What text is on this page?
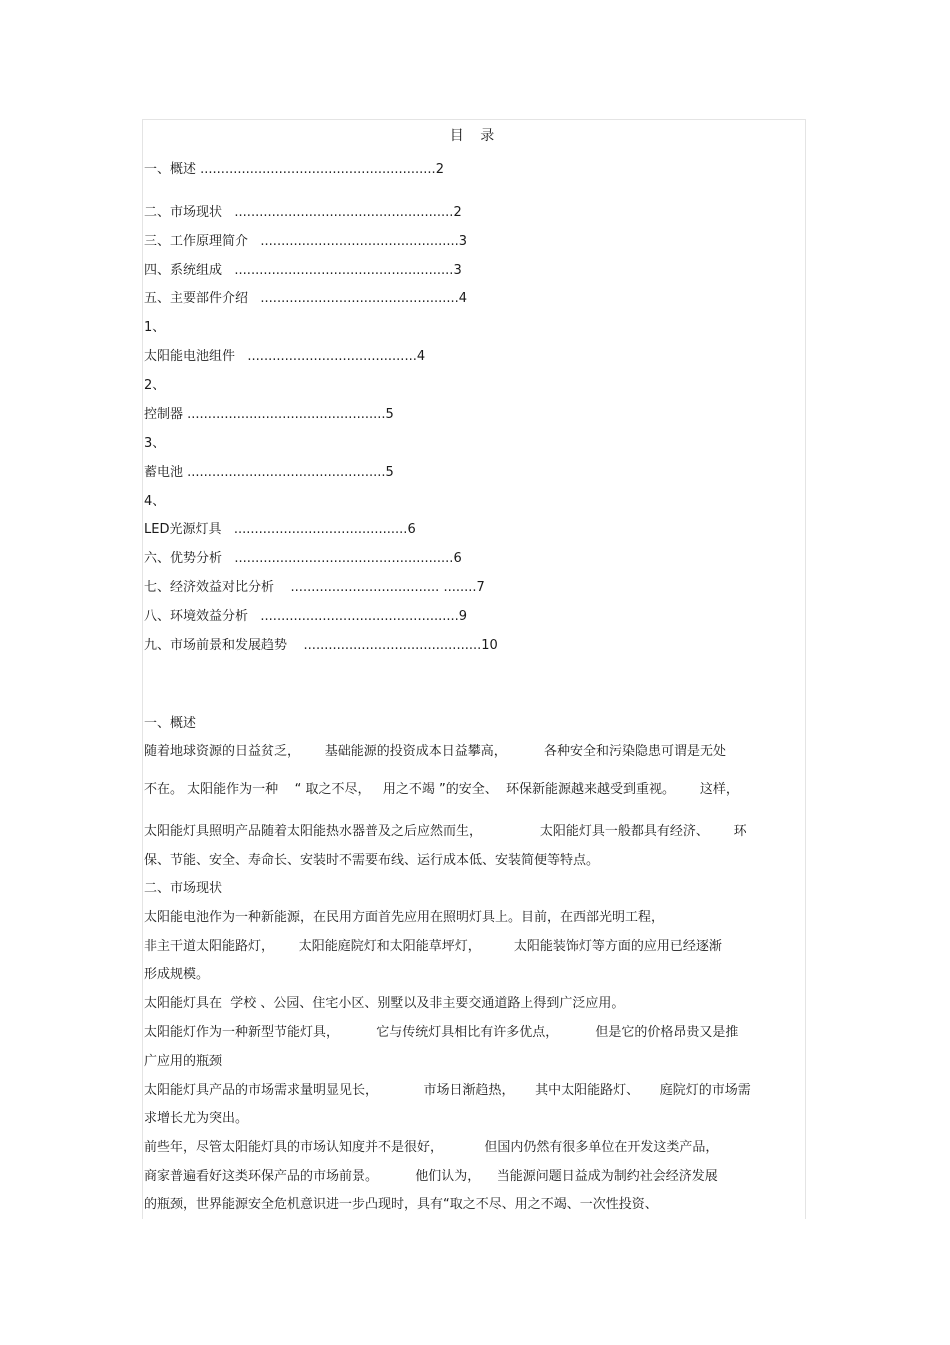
目 录
一、概述 .........................................................2
二、市场现状   .....................................................2
三、工作原理简介   ................................................3
四、系统组成   .....................................................3
五、主要部件介绍   ................................................4
1、
太阳能电池组件   .........................................4
2、
控制器 ................................................5
3、
蓄电池 ................................................5
4、
LED光源灯具   ..........................................6
六、优势分析   .....................................................6
七、经济效益对比分析    .................................... ........7
八、环境效益分析   ................................................9
九、市场前景和发展趋势    ...........................................10
一、概述
随着地球资源的日益贫乏，      基础能源的投资成本日益攀高，         各种安全和污染隐患可谓是无处
不在。 太阳能作为一种    “ 取之不尽，   用之不竭 ”的安全、  环保新能源越来越受到重视。      这样，
太阳能灯具照明产品随着太阳能热水器普及之后应然而生，              太阳能灯具一般都具有经济、      环
保、节能、安全、寿命长、安装时不需要布线、运行成本低、安装简便等特点。
二、市场现状
太阳能电池作为一种新能源，在民用方面首先应用在照明灯具上。目前，在西部光明工程，
非主干道太阳能路灯，      太阳能庭院灯和太阳能草坪灯，        太阳能装饰灯等方面的应用已经逐渐
形成规模。
太阳能灯具在  学校 、公园、住宅小区、别墅以及非主要交通道路上得到广泛应用。
太阳能灯作为一种新型节能灯具，         它与传统灯具相比有许多优点，         但是它的价格昂贵又是推
广应用的瓶颈
太阳能灯具产品的市场需求量明显见长，           市场日渐趋热，     其中太阳能路灯、     庭院灯的市场需
求增长尤为突出。
前些年，尽管太阳能灯具的市场认知度并不是很好，          但国内仍然有很多单位在开发这类产品，
商家普遍看好这类环保产品的市场前景。         他们认为，    当能源问题日益成为制约社会经济发展
的瓶颈，世界能源安全危机意识进一步凸现时，具有“取之不尽、用之不竭、一次性投资、
